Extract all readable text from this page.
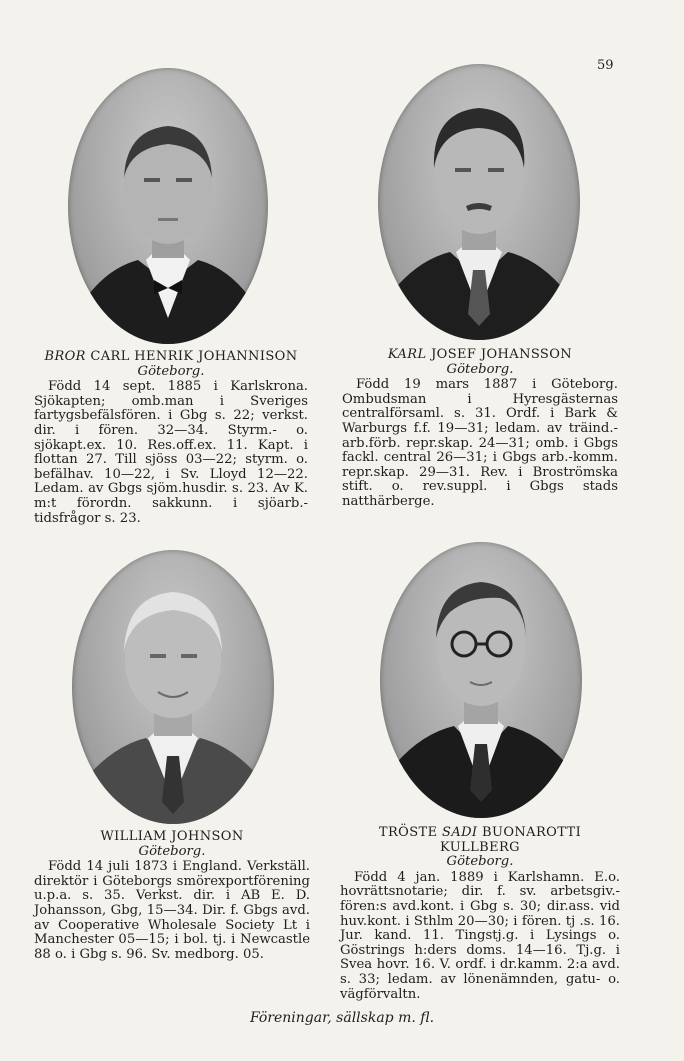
59
BROR CARL HENRIK JOHANNISON
Göteborg.
Född 14 sept. 1885 i Karlskrona. Sjökapten; omb.man i Sveriges fartygsbefälsfören. i Gbg s. 22; verkst. dir. i fören. 32—34. Styrm.- o. sjökapt.ex. 10. Res.off.ex. 11. Kapt. i flottan 27. Till sjöss 03—22; styrm. o. befälhav. 10—22, i Sv. Lloyd 12—22. Ledam. av Gbgs sjöm.husdir. s. 23. Av K. m:t förordn. sakkunn. i sjöarb.-tidsfrågor s. 23.
KARL JOSEF JOHANSSON
Göteborg.
Född 19 mars 1887 i Göteborg. Ombudsman i Hyresgästernas centralförsaml. s. 31. Ordf. i Bark & Warburgs f.f. 19—31; ledam. av träind.-arb.förb. repr.skap. 24—31; omb. i Gbgs fackl. central 26—31; i Gbgs arb.-komm. repr.skap. 29—31. Rev. i Broströmska stift. o. rev.suppl. i Gbgs stads natthärberge.
WILLIAM JOHNSON
Göteborg.
Född 14 juli 1873 i England. Verkställ. direktör i Göteborgs smörexportförening u.p.a. s. 35. Verkst. dir. i AB E. D. Johansson, Gbg, 15—34. Dir. f. Gbgs avd. av Cooperative Wholesale Society Lt i Manchester 05—15; i bol. tj. i Newcastle 88 o. i Gbg s. 96. Sv. medborg. 05.
TRÖSTE SADI BUONAROTTI KULLBERG
Göteborg.
Född 4 jan. 1889 i Karlshamn. E.o. hovrättsnotarie; dir. f. sv. arbetsgiv.-fören:s avd.kont. i Gbg s. 30; dir.ass. vid huv.kont. i Sthlm 20—30; i fören. tj .s. 16. Jur. kand. 11. Tingstj.g. i Lysings o. Göstrings h:ders doms. 14—16. Tj.g. i Svea hovr. 16. V. ordf. i dr.kamm. 2:a avd. s. 33; ledam. av lönenämnden, gatu- o. vägförvaltn.
Föreningar, sällskap m. fl.
